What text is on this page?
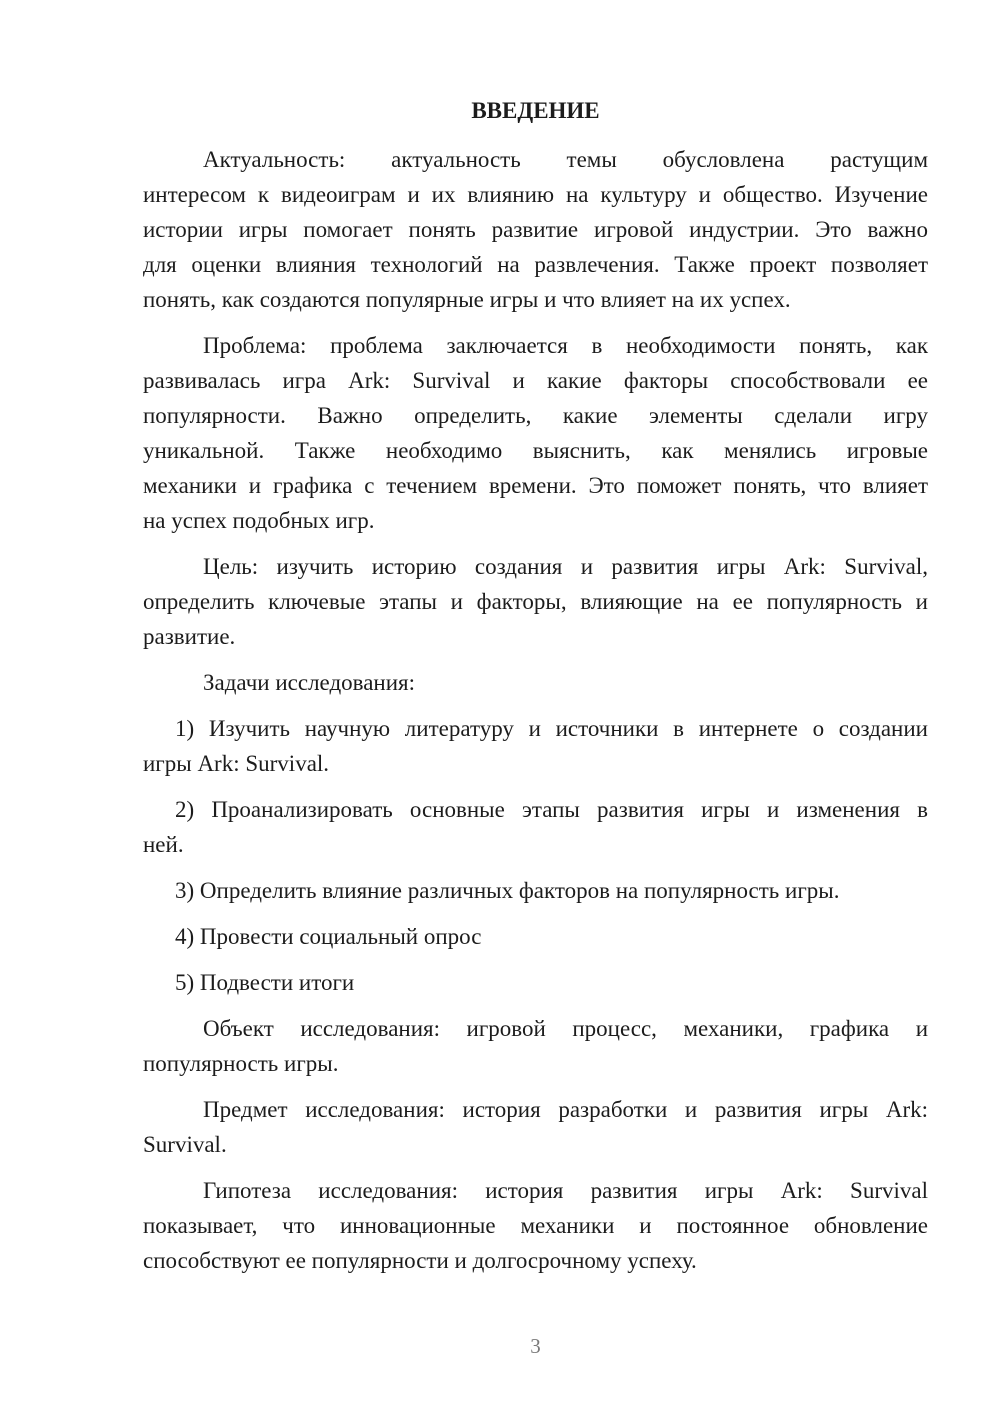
ВВЕДЕНИЕ
Актуальность: актуальность темы обусловлена растущим
интересом к видеоиграм и их влиянию на культуру и общество. Изучение
истории игры помогает понять развитие игровой индустрии. Это важно
для оценки влияния технологий на развлечения. Также проект позволяет
понять, как создаются популярные игры и что влияет на их успех.
Проблема: проблема заключается в необходимости понять, как
развивалась игра Ark: Survival и какие факторы способствовали ее
популярности. Важно определить, какие элементы сделали игру
уникальной. Также необходимо выяснить, как менялись игровые
механики и графика с течением времени. Это поможет понять, что влияет
на успех подобных игр.
Цель: изучить историю создания и развития игры Ark: Survival,
определить ключевые этапы и факторы, влияющие на ее популярность и
развитие.
Задачи исследования:
1) Изучить научную литературу и источники в интернете о создании
игры Ark: Survival.
2) Проанализировать основные этапы развития игры и изменения в
ней.
3) Определить влияние различных факторов на популярность игры.
4) Провести социальный опрос
5) Подвести итоги
Объект исследования: игровой процесс, механики, графика и
популярность игры.
Предмет исследования: история разработки и развития игры Ark:
Survival.
Гипотеза исследования: история развития игры Ark: Survival
показывает, что инновационные механики и постоянное обновление
способствуют ее популярности и долгосрочному успеху.
3
